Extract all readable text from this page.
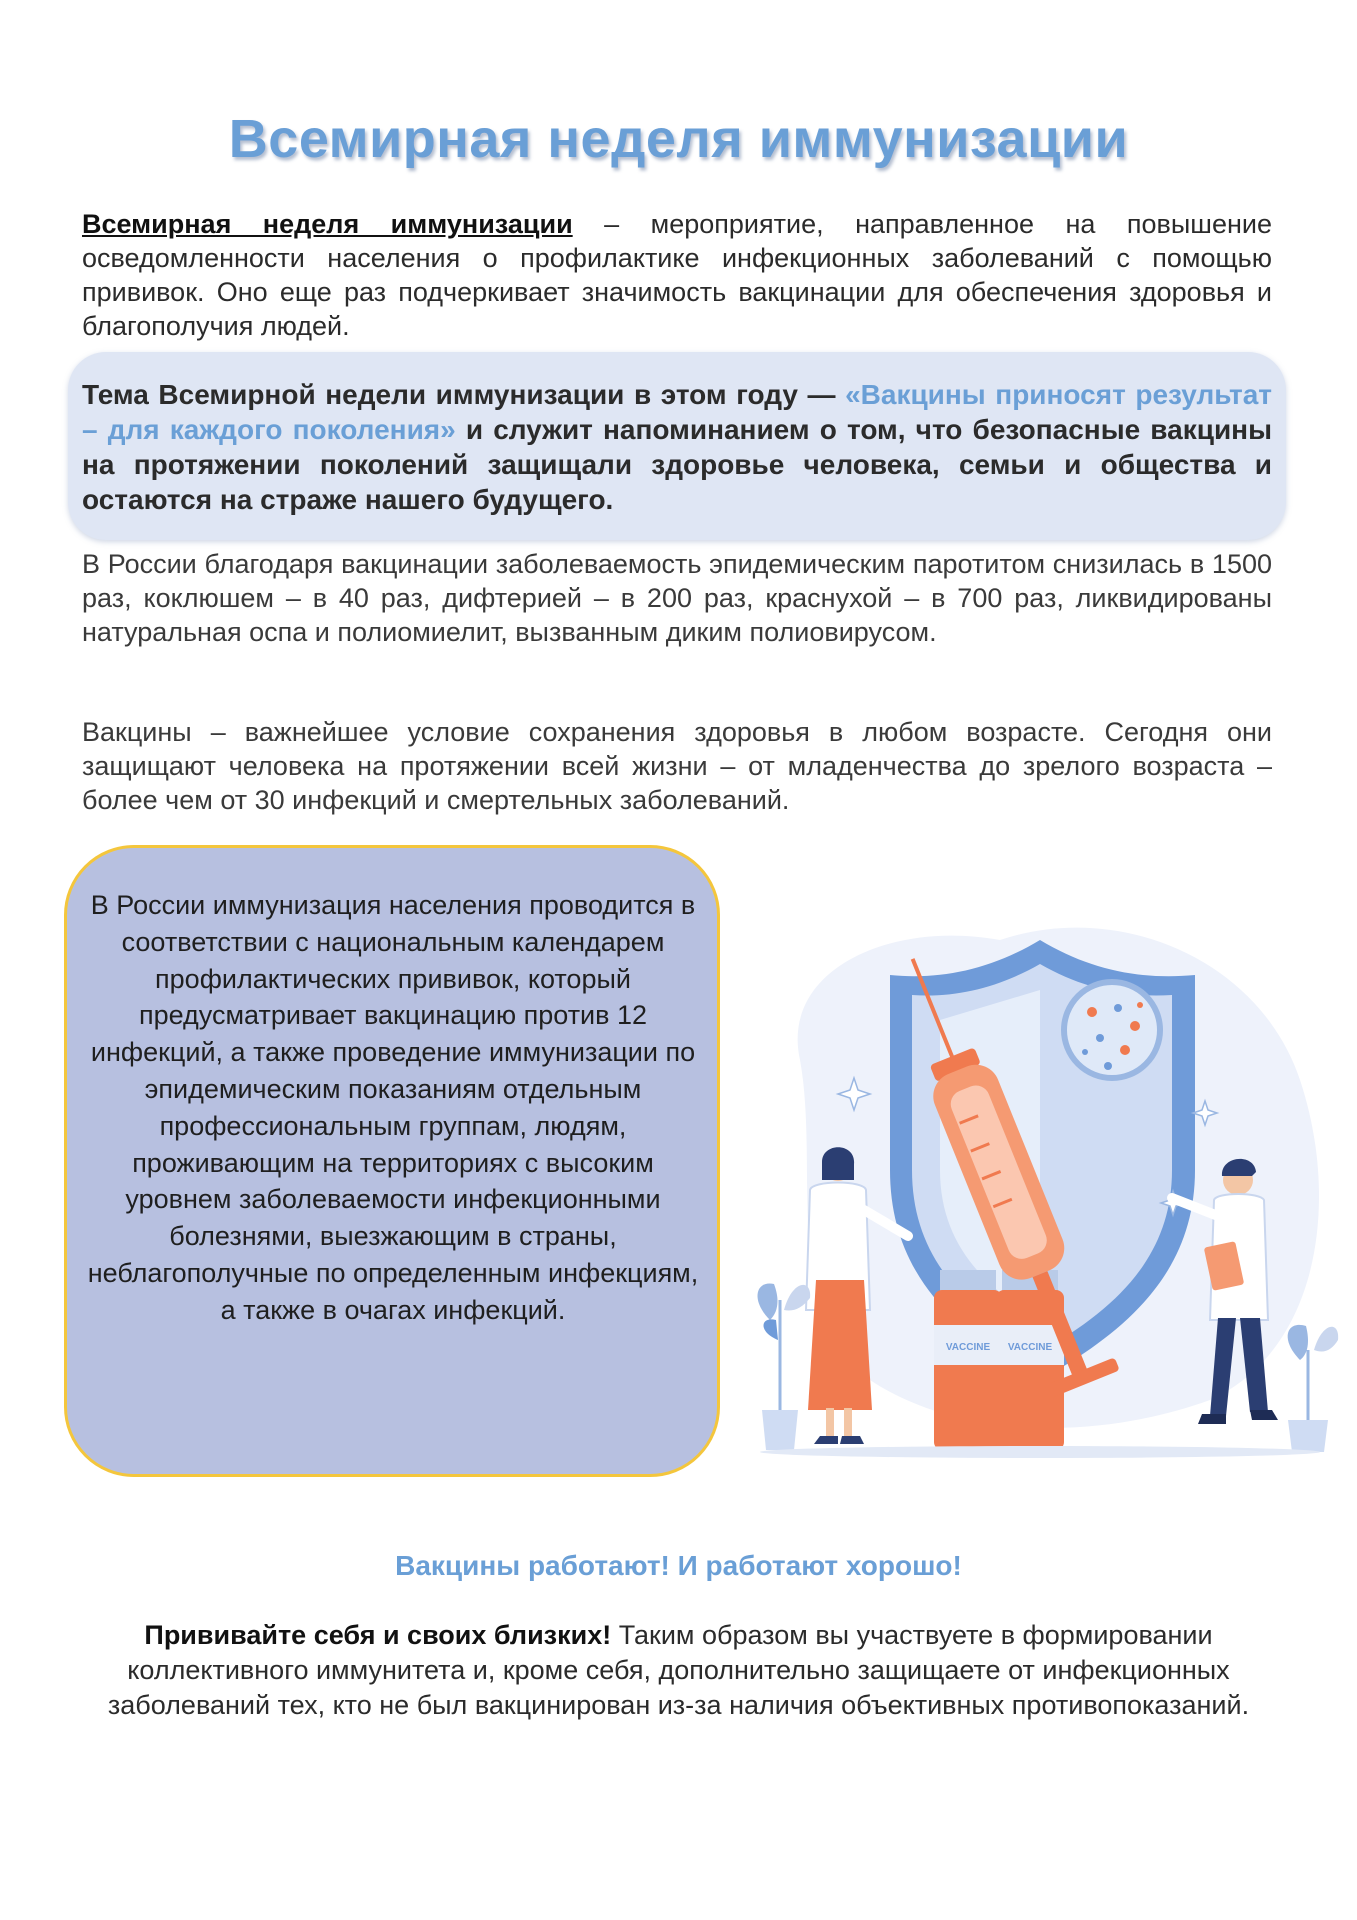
Всемирная неделя иммунизации

Всемирная неделя иммунизации – мероприятие, направленное на повышение осведомленности населения о профилактике инфекционных заболеваний с помощью прививок. Оно еще раз подчеркивает значимость вакцинации для обеспечения здоровья и благополучия людей.

Тема Всемирной недели иммунизации в этом году — «Вакцины приносят результат – для каждого поколения» и служит напоминанием о том, что безопасные вакцины на протяжении поколений защищали здоровье человека, семьи и общества и остаются на страже нашего будущего.

В России благодаря вакцинации заболеваемость эпидемическим паротитом снизилась в 1500 раз, коклюшем – в 40 раз, дифтерией – в 200 раз, краснухой – в 700 раз, ликвидированы натуральная оспа и полиомиелит, вызванным диким полиовирусом.

Вакцины – важнейшее условие сохранения здоровья в любом возрасте. Сегодня они защищают человека на протяжении всей жизни – от младенчества до зрелого возраста – более чем от 30 инфекций и смертельных заболеваний.

В России иммунизация населения проводится в соответствии с национальным календарем профилактических прививок, который предусматривает вакцинацию против 12 инфекций, а также проведение иммунизации по эпидемическим показаниям отдельным профессиональным группам, людям, проживающим на территориях с высоким уровнем заболеваемости инфекционными болезнями, выезжающим в страны, неблагополучные по определенным инфекциям, а также в очагах инфекций.

VACCINE VACCINE

Вакцины работают! И работают хорошо!

Прививайте себя и своих близких! Таким образом вы участвуете в формировании коллективного иммунитета и, кроме себя, дополнительно защищаете от инфекционных заболеваний тех, кто не был вакцинирован из-за наличия объективных противопоказаний.
